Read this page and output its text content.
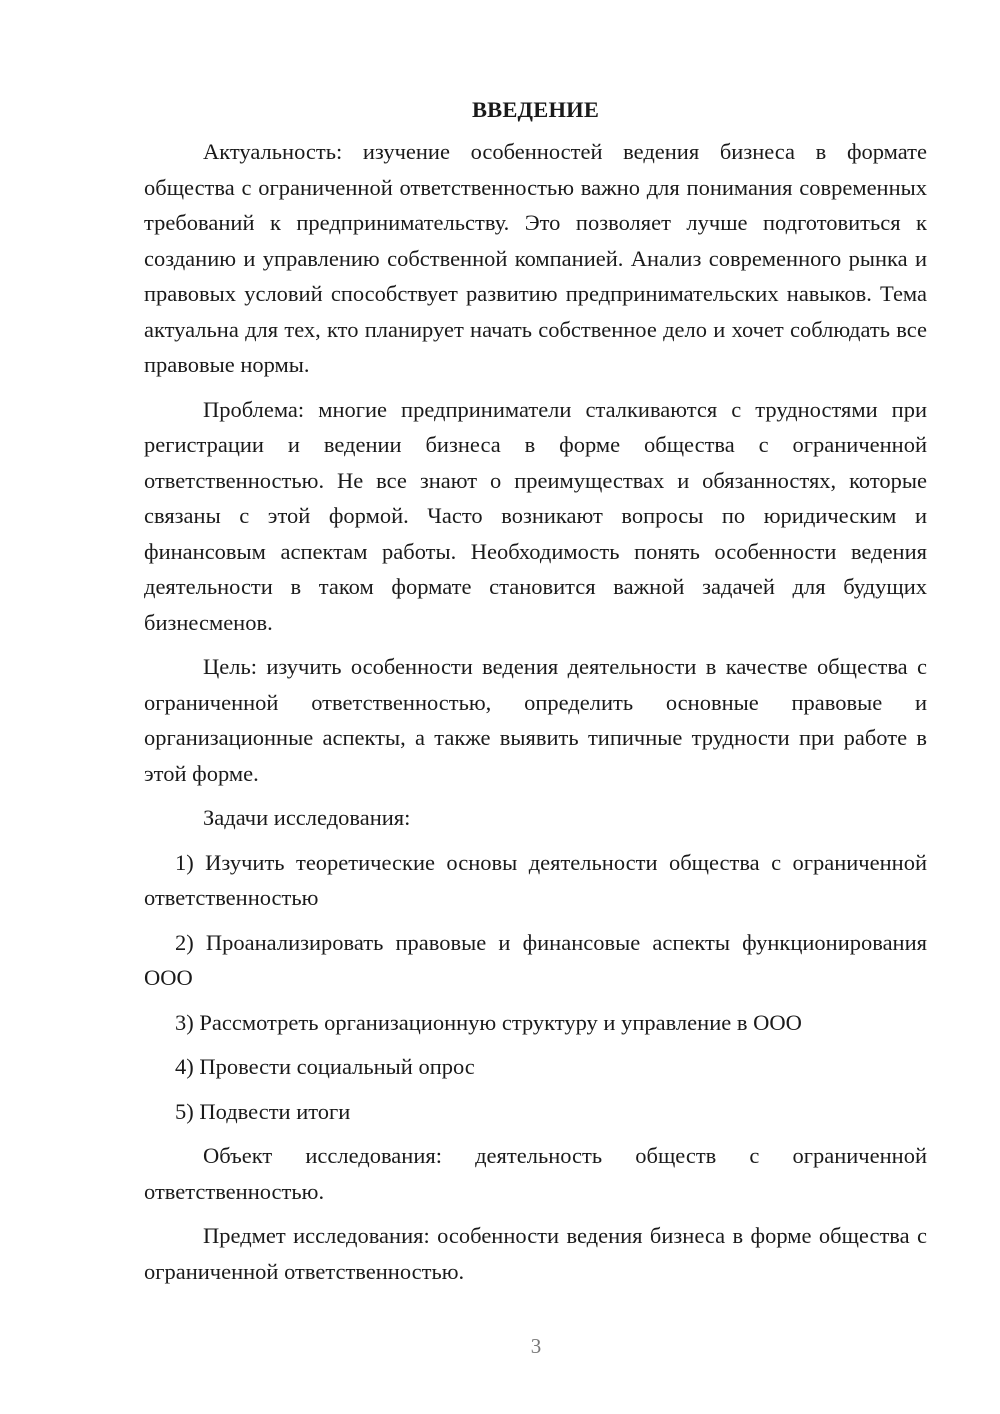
ВВЕДЕНИЕ

Актуальность: изучение особенностей ведения бизнеса в формате общества с ограниченной ответственностью важно для понимания современных требований к предпринимательству. Это позволяет лучше подготовиться к созданию и управлению собственной компанией. Анализ современного рынка и правовых условий способствует развитию предпринимательских навыков. Тема актуальна для тех, кто планирует начать собственное дело и хочет соблюдать все правовые нормы.

Проблема: многие предприниматели сталкиваются с трудностями при регистрации и ведении бизнеса в форме общества с ограниченной ответственностью. Не все знают о преимуществах и обязанностях, которые связаны с этой формой. Часто возникают вопросы по юридическим и финансовым аспектам работы. Необходимость понять особенности ведения деятельности в таком формате становится важной задачей для будущих бизнесменов.

Цель: изучить особенности ведения деятельности в качестве общества с ограниченной ответственностью, определить основные правовые и организационные аспекты, а также выявить типичные трудности при работе в этой форме.

Задачи исследования:

1) Изучить теоретические основы деятельности общества с ограниченной ответственностью

2) Проанализировать правовые и финансовые аспекты функционирования ООО

3) Рассмотреть организационную структуру и управление в ООО

4) Провести социальный опрос

5) Подвести итоги

Объект исследования: деятельность обществ с ограниченной ответственностью.

Предмет исследования: особенности ведения бизнеса в форме общества с ограниченной ответственностью.

3
